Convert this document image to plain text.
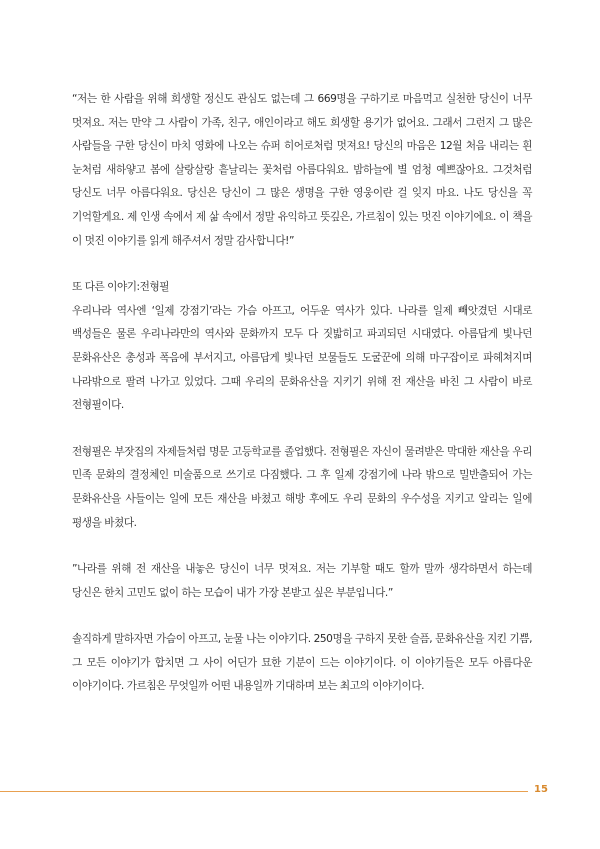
“저는 한 사람을 위해 희생할 정신도 관심도 없는데 그 669명을 구하기로 마음먹고 실천한 당신이 너무 멋져요. 저는 만약 그 사람이 가족, 친구, 애인이라고 해도 희생할 용기가 없어요. 그래서 그런지 그 많은 사람들을 구한 당신이 마치 영화에 나오는 슈퍼 히어로처럼 멋져요! 당신의 마음은 12월 처음 내리는 흰 눈처럼 새하얗고 봄에 살랑살랑 흩날리는 꽃처럼 아름다워요. 밤하늘에 별 엄청 예쁘잖아요. 그것처럼 당신도 너무 아름다워요. 당신은 당신이 그 많은 생명을 구한 영웅이란 걸 잊지 마요. 나도 당신을 꼭 기억할게요. 제 인생 속에서 제 삶 속에서 정말 유익하고 뜻깊은, 가르침이 있는 멋진 이야기에요. 이 책을 이 멋진 이야기를 읽게 해주셔서 정말 감사합니다!”

또 다른 이야기:전형필
우리나라 역사엔 ‘일제 강점기’라는 가슴 아프고, 어두운 역사가 있다. 나라를 일제 빼앗겼던 시대로 백성들은 물론 우리나라만의 역사와 문화까지 모두 다 짓밟히고 파괴되던 시대였다. 아름답게 빛나던 문화유산은 총성과 폭음에 부서지고, 아름답게 빛나던 보물들도 도굴꾼에 의해 마구잡이로 파헤쳐지며 나라밖으로 팔려 나가고 있었다. 그때 우리의 문화유산을 지키기 위해 전 재산을 바친 그 사람이 바로 전형필이다.

전형필은 부잣집의 자제들처럼 명문 고등학교를 졸업했다. 전형필은 자신이 물려받은 막대한 재산을 우리 민족 문화의 결정체인 미술품으로 쓰기로 다짐했다. 그 후 일제 강점기에 나라 밖으로 밀반출되어 가는 문화유산을 사들이는 일에 모든 재산을 바쳤고 해방 후에도 우리 문화의 우수성을 지키고 알리는 일에 평생을 바쳤다.

”나라를 위해 전 재산을 내놓은 당신이 너무 멋져요. 저는 기부할 때도 할까 말까 생각하면서 하는데 당신은 한치 고민도 없이 하는 모습이 내가 가장 본받고 싶은 부분입니다.”

솔직하게 말하자면 가슴이 아프고, 눈물 나는 이야기다. 250명을 구하지 못한 슬픔, 문화유산을 지킨 기쁨, 그 모든 이야기가 합치면 그 사이 어딘가 묘한 기분이 드는 이야기이다. 이 이야기들은 모두 아름다운 이야기이다. 가르침은 무엇일까 어떤 내용일까 기대하며 보는 최고의 이야기이다.

15
